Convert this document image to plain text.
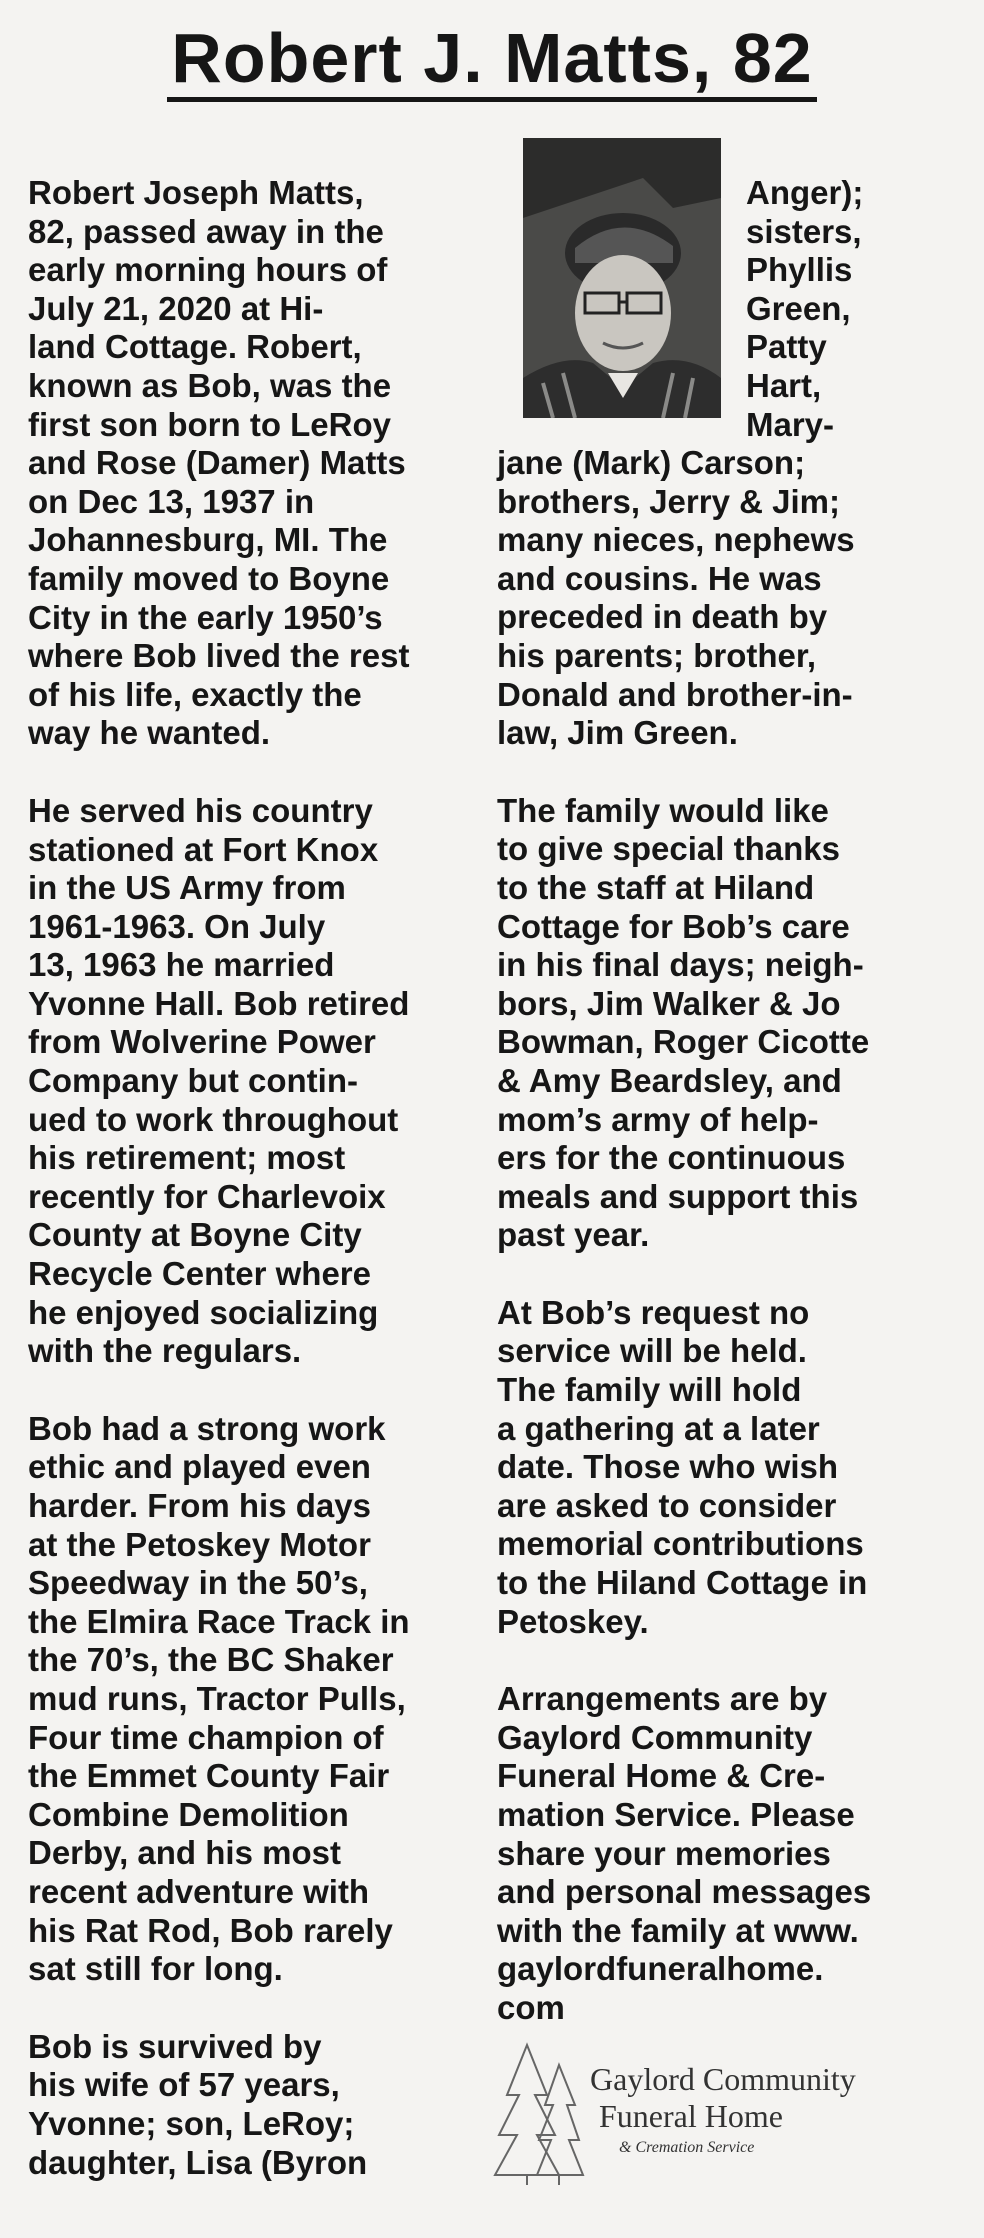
Robert J. Matts, 82

Robert Joseph Matts,
82, passed away in the
early morning hours of
July 21, 2020 at Hi-
land Cottage. Robert,
known as Bob, was the
first son born to LeRoy
and Rose (Damer) Matts
on Dec 13, 1937 in
Johannesburg, MI. The
family moved to Boyne
City in the early 1950’s
where Bob lived the rest
of his life, exactly the
way he wanted.

He served his country
stationed at Fort Knox
in the US Army from
1961-1963. On July
13, 1963 he married
Yvonne Hall. Bob retired
from Wolverine Power
Company but contin-
ued to work throughout
his retirement; most
recently for Charlevoix
County at Boyne City
Recycle Center where
he enjoyed socializing
with the regulars.

Bob had a strong work
ethic and played even
harder. From his days
at the Petoskey Motor
Speedway in the 50’s,
the Elmira Race Track in
the 70’s, the BC Shaker
mud runs, Tractor Pulls,
Four time champion of
the Emmet County Fair
Combine Demolition
Derby, and his most
recent adventure with
his Rat Rod, Bob rarely
sat still for long.

Bob is survived by
his wife of 57 years,
Yvonne; son, LeRoy;
daughter, Lisa (Byron

Anger);
sisters,
Phyllis
Green,
Patty
Hart,
Mary-

jane (Mark) Carson;
brothers, Jerry & Jim;
many nieces, nephews
and cousins. He was
preceded in death by
his parents; brother,
Donald and brother-in-
law, Jim Green.

The family would like
to give special thanks
to the staff at Hiland
Cottage for Bob’s care
in his final days; neigh-
bors, Jim Walker & Jo
Bowman, Roger Cicotte
& Amy Beardsley, and
mom’s army of help-
ers for the continuous
meals and support this
past year.

At Bob’s request no
service will be held.
The family will hold
a gathering at a later
date. Those who wish
are asked to consider
memorial contributions
to the Hiland Cottage in
Petoskey.

Arrangements are by
Gaylord Community
Funeral Home & Cre-
mation Service. Please
share your memories
and personal messages
with the family at www.
gaylordfuneralhome.
com

Gaylord Community
Funeral Home
& Cremation Service
